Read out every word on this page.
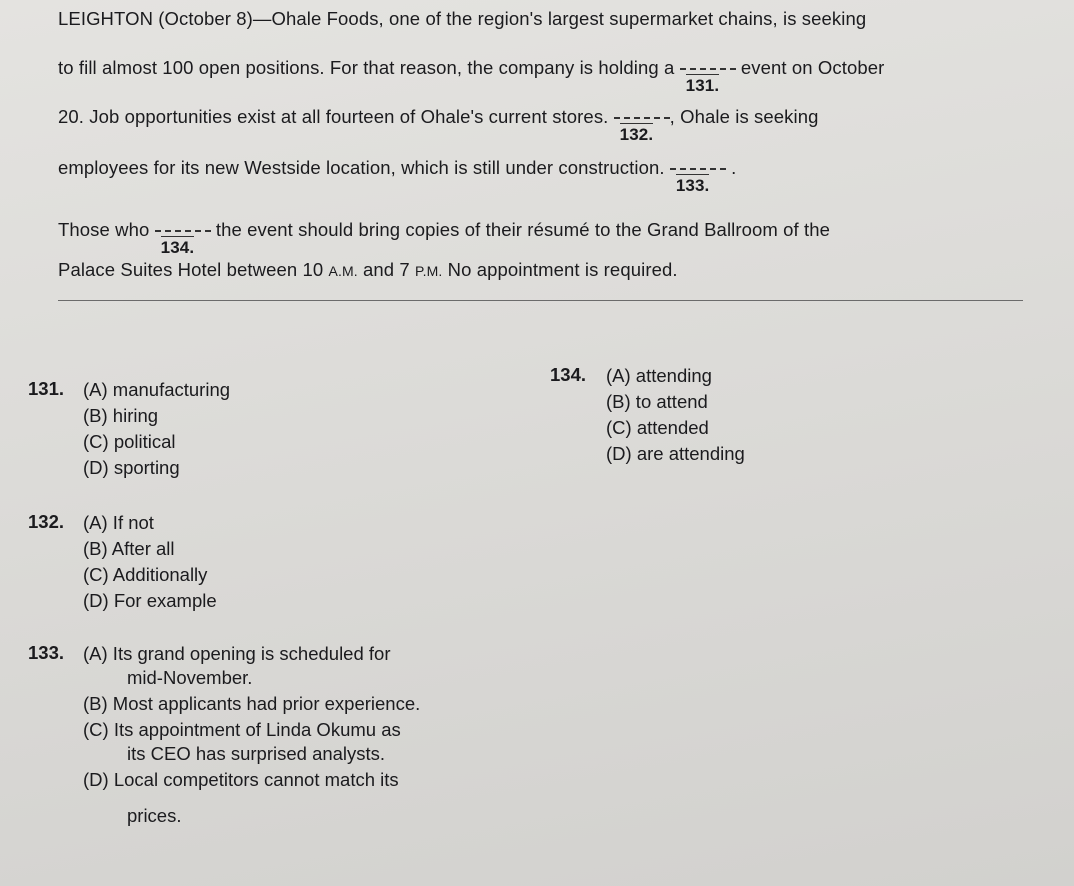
LEIGHTON (October 8)—Ohale Foods, one of the region's largest supermarket chains, is seeking
to fill almost 100 open positions. For that reason, the company is holding a
131.
event on October
20. Job opportunities exist at all fourteen of Ohale's current stores.
132.
, Ohale is seeking
employees for its new Westside location, which is still under construction.
133.
.
Those who
134.
the event should bring copies of their résumé to the Grand Ballroom of the
Palace Suites Hotel between 10 A.M. and 7 P.M. No appointment is required.
131. (A) manufacturing
(B) hiring
(C) political
(D) sporting
134. (A) attending
(B) to attend
(C) attended
(D) are attending
132. (A) If not
(B) After all
(C) Additionally
(D) For example
133. (A) Its grand opening is scheduled for
mid-November.
(B) Most applicants had prior experience.
(C) Its appointment of Linda Okumu as
its CEO has surprised analysts.
(D) Local competitors cannot match its
prices.
